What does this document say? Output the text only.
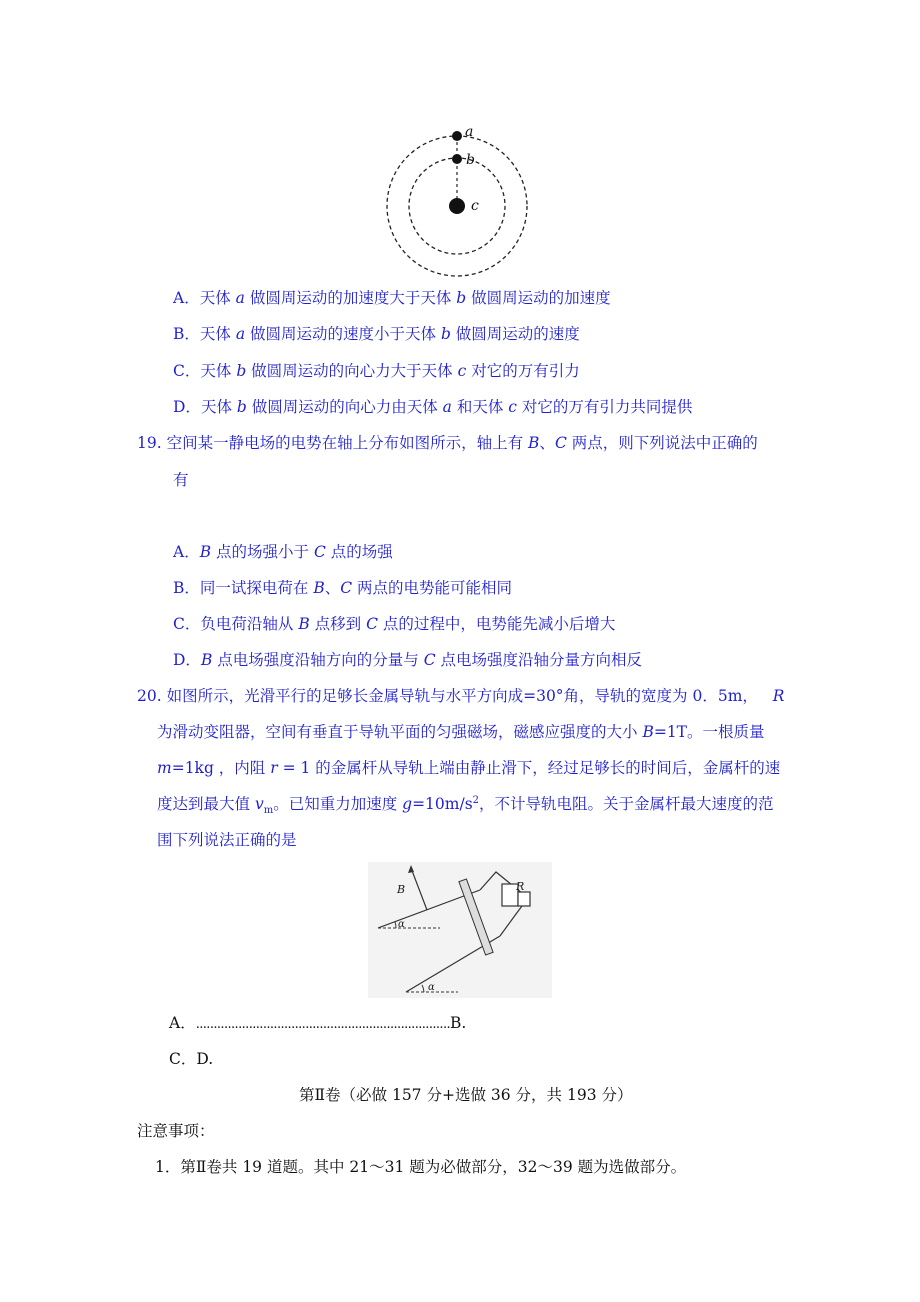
a
b
c
A．天体 a 做圆周运动的加速度大于天体 b 做圆周运动的加速度
B．天体 a 做圆周运动的速度小于天体 b 做圆周运动的速度
C．天体 b 做圆周运动的向心力大于天体 c 对它的万有引力
D．天体 b 做圆周运动的向心力由天体 a 和天体 c 对它的万有引力共同提供
19. 空间某一静电场的电势在轴上分布如图所示，轴上有 B、C 两点，则下列说法中正确的
有
A．B 点的场强小于 C 点的场强
B．同一试探电荷在 B、C 两点的电势能可能相同
C．负电荷沿轴从 B 点移到 C 点的过程中，电势能先减小后增大
D．B 点电场强度沿轴方向的分量与 C 点电场强度沿轴分量方向相反
20. 如图所示，光滑平行的足够长金属导轨与水平方向成=30°角，导轨的宽度为 0．5m， R
为滑动变阻器，空间有垂直于导轨平面的匀强磁场，磁感应强度的大小 B=1T。一根质量
m=1kg ，内阻 r = 1 的金属杆从导轨上端由静止滑下，经过足够长的时间后，金属杆的速
度达到最大值 $v_m$。已知重力加速度 $g=10m/s^2$，不计导轨电阻。关于金属杆最大速度的范
围下列说法正确的是
α
B
α
R
A．........................................................................B.
C．D.
第Ⅱ卷（必做 157 分+选做 36 分，共 193 分）
注意事项：
1．第Ⅱ卷共 19 道题。其中 21～31 题为必做部分，32～39 题为选做部分。
